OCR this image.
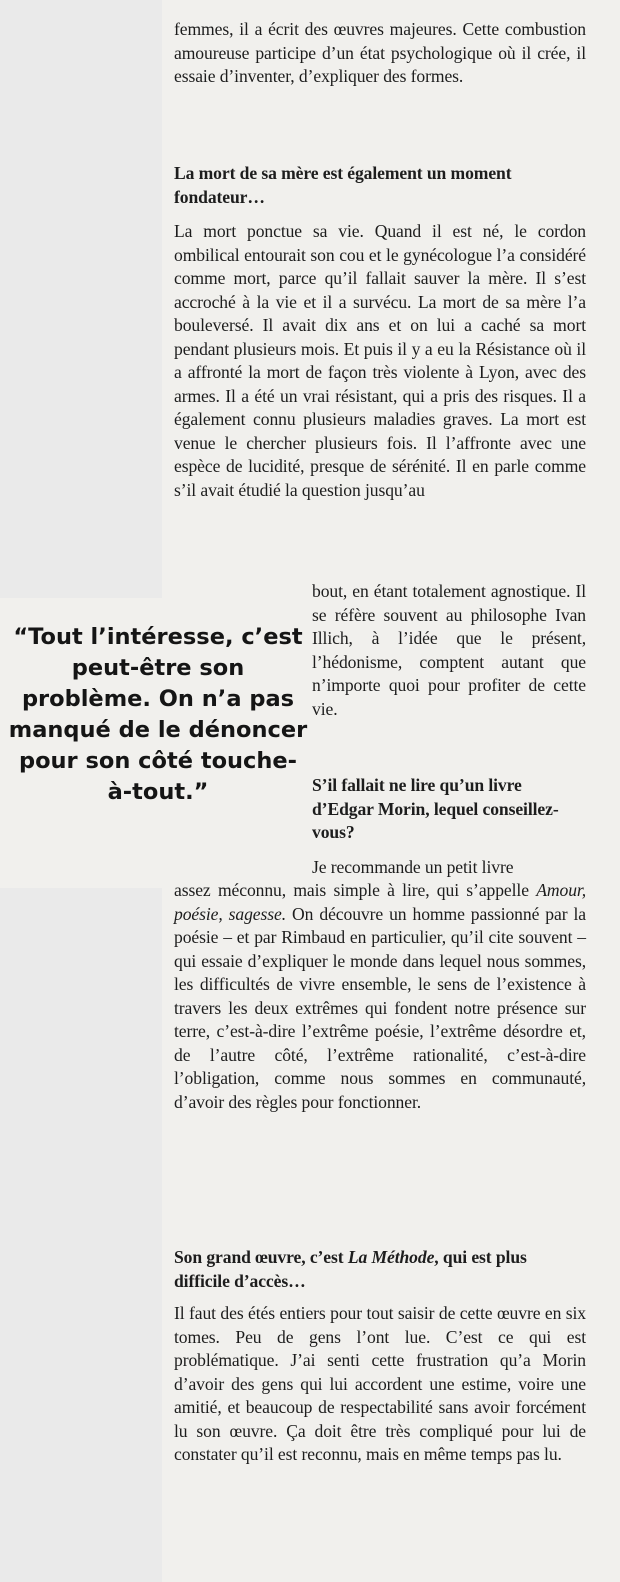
femmes, il a écrit des œuvres majeures. Cette combustion amoureuse participe d’un état psychologique où il crée, il essaie d’inventer, d’expliquer des formes.

La mort de sa mère est également un moment fondateur…

La mort ponctue sa vie. Quand il est né, le cordon ombilical entourait son cou et le gynécologue l’a considéré comme mort, parce qu’il fallait sauver la mère. Il s’est accroché à la vie et il a survécu. La mort de sa mère l’a bouleversé. Il avait dix ans et on lui a caché sa mort pendant plusieurs mois. Et puis il y a eu la Résistance où il a affronté la mort de façon très violente à Lyon, avec des armes. Il a été un vrai résistant, qui a pris des risques. Il a également connu plusieurs maladies graves. La mort est venue le chercher plusieurs fois. Il l’affronte avec une espèce de lucidité, presque de sérénité. Il en parle comme s’il avait étudié la question jusqu’au

bout, en étant totalement agnostique. Il se réfère souvent au philosophe Ivan Illich, à l’idée que le présent, l’hédonisme, comptent autant que n’importe quoi pour profiter de cette vie.

“Tout l’intéresse, c’est peut-être son problème. On n’a pas manqué de le dénoncer pour son côté touche-à-tout.”	S’il fallait ne lire qu’un livre d’Edgar Morin, lequel conseillez-vous?

Je recommande un petit livre

assez méconnu, mais simple à lire, qui s’appelle Amour, poésie, sagesse. On découvre un homme passionné par la poésie – et par Rimbaud en particulier, qu’il cite souvent – qui essaie d’expliquer le monde dans lequel nous sommes, les difficultés de vivre ensemble, le sens de l’existence à travers les deux extrêmes qui fondent notre présence sur terre, c’est-à-dire l’extrême poésie, l’extrême désordre et, de l’autre côté, l’extrême rationalité, c’est-à-dire l’obligation, comme nous sommes en communauté, d’avoir des règles pour fonctionner.

Son grand œuvre, c’est La Méthode, qui est plus difficile d’accès…

Il faut des étés entiers pour tout saisir de cette œuvre en six tomes. Peu de gens l’ont lue. C’est ce qui est problématique. J’ai senti cette frustration qu’a Morin d’avoir des gens qui lui accordent une estime, voire une amitié, et beaucoup de respectabilité sans avoir forcément lu son œuvre. Ça doit être très compliqué pour lui de constater qu’il est reconnu, mais en même temps pas lu.
